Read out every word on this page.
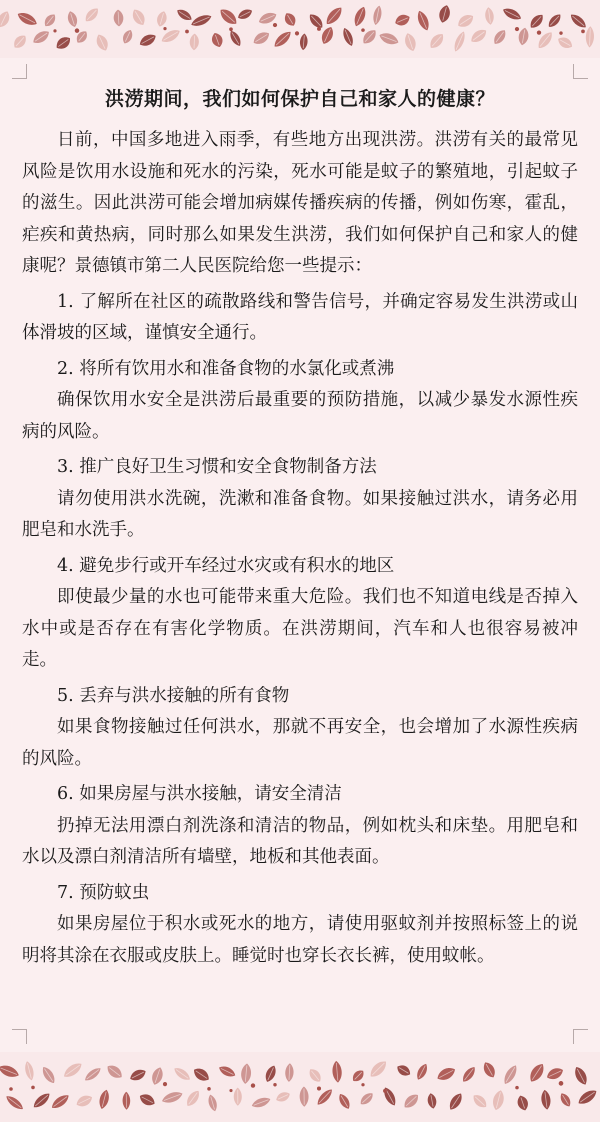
洪涝期间，我们如何保护自己和家人的健康？

日前，中国多地进入雨季，有些地方出现洪涝。洪涝有关的最常见风险是饮用水设施和死水的污染，死水可能是蚊子的繁殖地，引起蚊子的滋生。因此洪涝可能会增加病媒传播疾病的传播，例如伤寒，霍乱，疟疾和黄热病，同时那么如果发生洪涝，我们如何保护自己和家人的健康呢？景德镇市第二人民医院给您一些提示：

1. 了解所在社区的疏散路线和警告信号，并确定容易发生洪涝或山体滑坡的区域，谨慎安全通行。

2. 将所有饮用水和准备食物的水氯化或煮沸

确保饮用水安全是洪涝后最重要的预防措施，以减少暴发水源性疾病的风险。

3. 推广良好卫生习惯和安全食物制备方法

请勿使用洪水洗碗，洗漱和准备食物。如果接触过洪水，请务必用肥皂和水洗手。

4. 避免步行或开车经过水灾或有积水的地区

即使最少量的水也可能带来重大危险。我们也不知道电线是否掉入水中或是否存在有害化学物质。在洪涝期间，汽车和人也很容易被冲走。

5. 丢弃与洪水接触的所有食物

如果食物接触过任何洪水，那就不再安全，也会增加了水源性疾病的风险。

6. 如果房屋与洪水接触，请安全清洁

扔掉无法用漂白剂洗涤和清洁的物品，例如枕头和床垫。用肥皂和水以及漂白剂清洁所有墙壁，地板和其他表面。

7. 预防蚊虫

如果房屋位于积水或死水的地方，请使用驱蚊剂并按照标签上的说明将其涂在衣服或皮肤上。睡觉时也穿长衣长裤，使用蚊帐。
